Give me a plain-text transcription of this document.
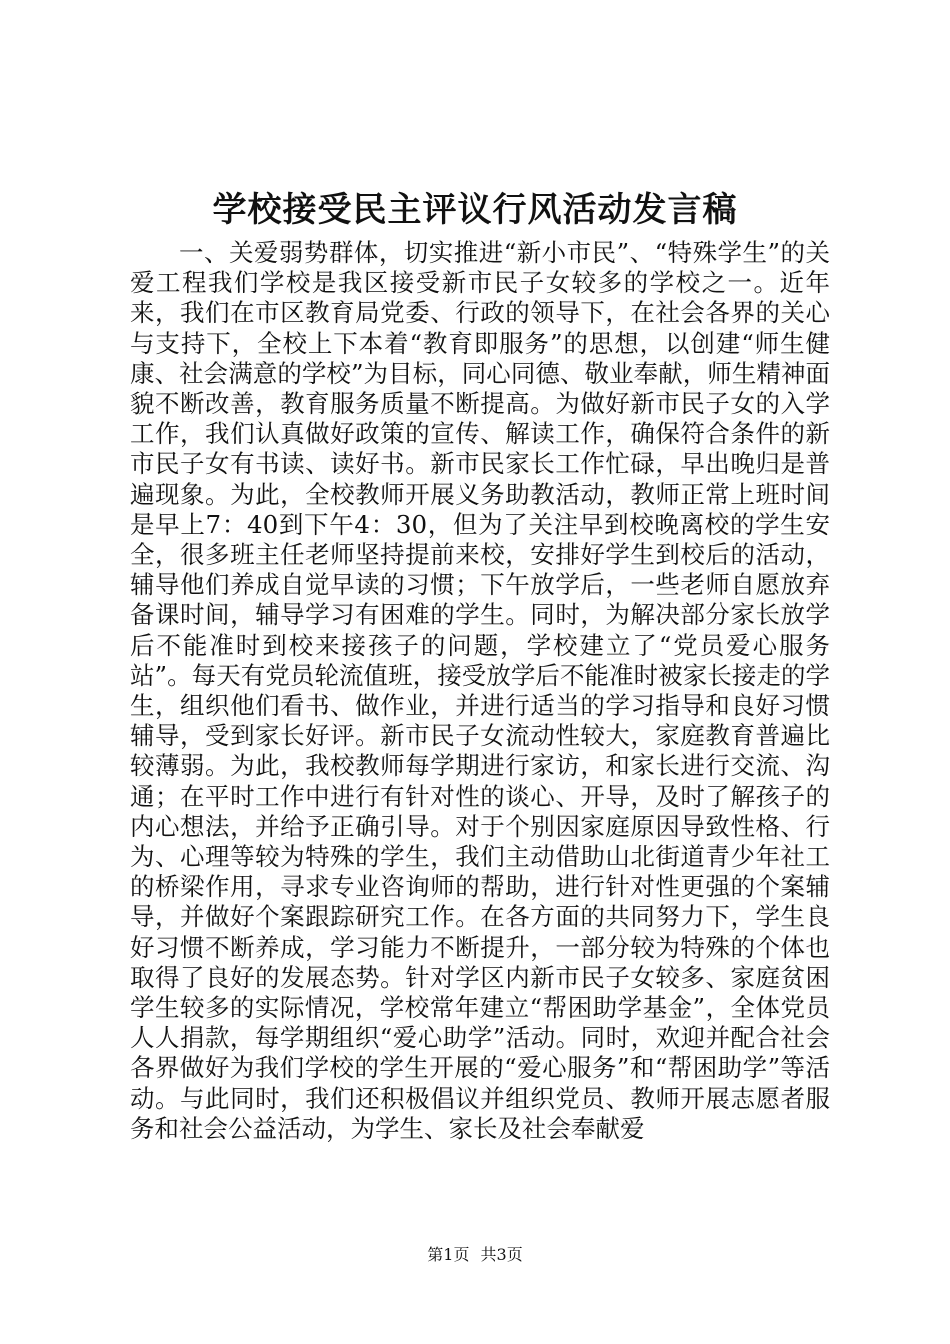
学校接受民主评议行风活动发言稿

一、关爱弱势群体，切实推进“新小市民”、“特殊学生”的关爱工程我们学校是我区接受新市民子女较多的学校之一。近年来，我们在市区教育局党委、行政的领导下，在社会各界的关心与支持下，全校上下本着“教育即服务”的思想，以创建“师生健康、社会满意的学校”为目标，同心同德、敬业奉献，师生精神面貌不断改善，教育服务质量不断提高。为做好新市民子女的入学工作，我们认真做好政策的宣传、解读工作，确保符合条件的新市民子女有书读、读好书。新市民家长工作忙碌，早出晚归是普遍现象。为此，全校教师开展义务助教活动，教师正常上班时间是早上7：40到下午4：30，但为了关注早到校晚离校的学生安全，很多班主任老师坚持提前来校，安排好学生到校后的活动，辅导他们养成自觉早读的习惯；下午放学后，一些老师自愿放弃备课时间，辅导学习有困难的学生。同时，为解决部分家长放学后不能准时到校来接孩子的问题，学校建立了“党员爱心服务站”。每天有党员轮流值班，接受放学后不能准时被家长接走的学生，组织他们看书、做作业，并进行适当的学习指导和良好习惯辅导，受到家长好评。新市民子女流动性较大，家庭教育普遍比较薄弱。为此，我校教师每学期进行家访，和家长进行交流、沟通；在平时工作中进行有针对性的谈心、开导，及时了解孩子的内心想法，并给予正确引导。对于个别因家庭原因导致性格、行为、心理等较为特殊的学生，我们主动借助山北街道青少年社工的桥梁作用，寻求专业咨询师的帮助，进行针对性更强的个案辅导，并做好个案跟踪研究工作。在各方面的共同努力下，学生良好习惯不断养成，学习能力不断提升，一部分较为特殊的个体也取得了良好的发展态势。针对学区内新市民子女较多、家庭贫困学生较多的实际情况，学校常年建立“帮困助学基金”，全体党员人人捐款，每学期组织“爱心助学”活动。同时，欢迎并配合社会各界做好为我们学校的学生开展的“爱心服务”和“帮困助学”等活动。与此同时，我们还积极倡议并组织党员、教师开展志愿者服务和社会公益活动，为学生、家长及社会奉献爱

第1页 共3页
